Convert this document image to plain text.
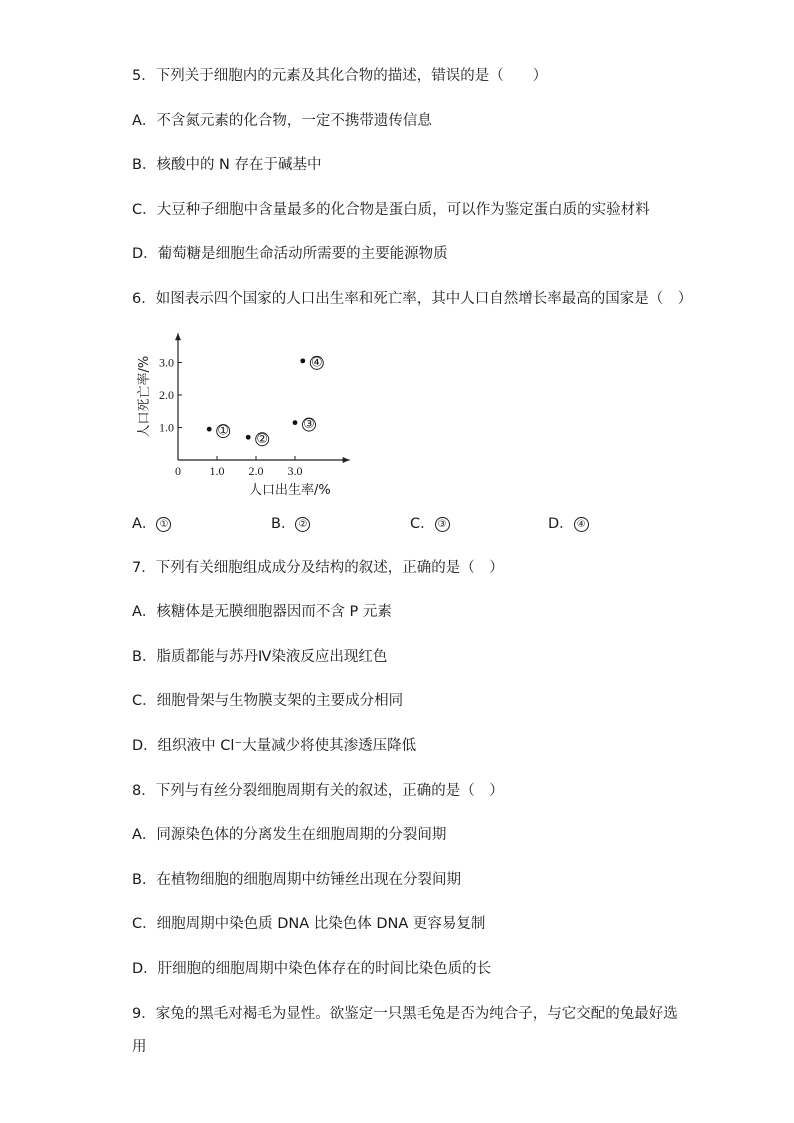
5．下列关于细胞内的元素及其化合物的描述，错误的是（　　）
A．不含氮元素的化合物，一定不携带遗传信息
B．核酸中的 N 存在于碱基中
C．大豆种子细胞中含量最多的化合物是蛋白质，可以作为鉴定蛋白质的实验材料
D．葡萄糖是细胞生命活动所需要的主要能源物质
6．如图表示四个国家的人口出生率和死亡率，其中人口自然增长率最高的国家是（　）
0 1.0 2.0 3.0
1.0
2.0
3.0
①
②
③
④
人口出生率/%
人口死亡率/%
A． ①	B． ②	C． ③	D． ④
7．下列有关细胞组成成分及结构的叙述，正确的是（　）
A．核糖体是无膜细胞器因而不含 P 元素
B．脂质都能与苏丹Ⅳ染液反应出现红色
C．细胞骨架与生物膜支架的主要成分相同
D．组织液中 Cl⁻大量减少将使其渗透压降低
8．下列与有丝分裂细胞周期有关的叙述，正确的是（　）
A．同源染色体的分离发生在细胞周期的分裂间期
B．在植物细胞的细胞周期中纺锤丝出现在分裂间期
C．细胞周期中染色质 DNA 比染色体 DNA 更容易复制
D．肝细胞的细胞周期中染色体存在的时间比染色质的长
9．家兔的黑毛对褐毛为显性。欲鉴定一只黑毛兔是否为纯合子，与它交配的兔最好选
用
